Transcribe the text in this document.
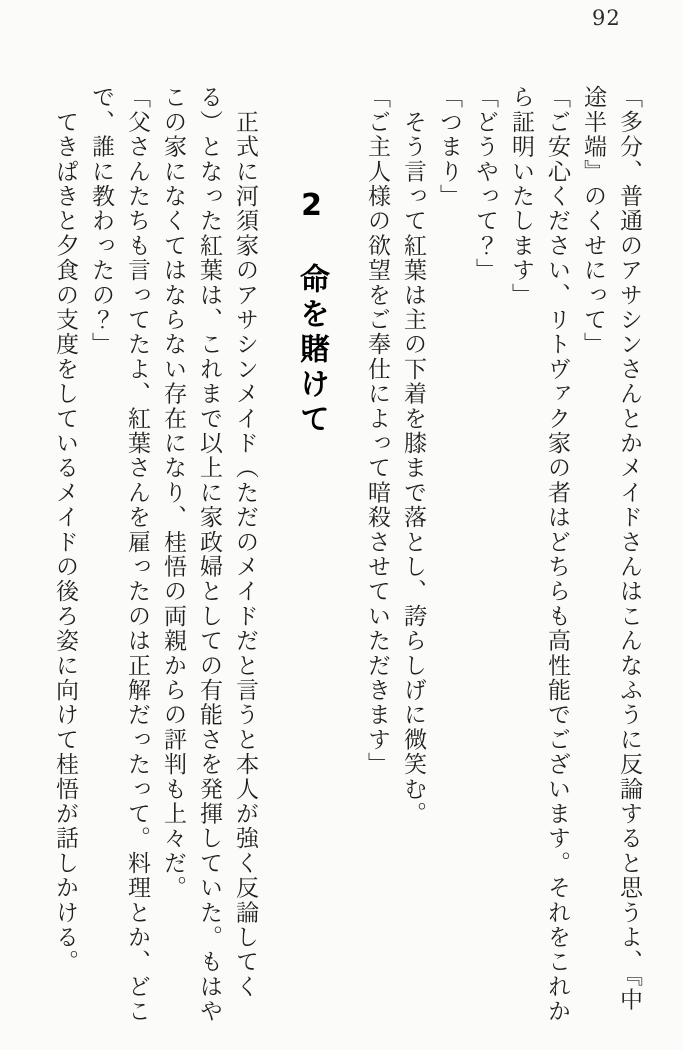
92

「多分、普通のアサシンさんとかメイドさんはこんなふうに反論すると思うよ、『中

途半端』のくせにって」

「ご安心ください、リトヴァク家の者はどちらも高性能でございます。それをこれか

ら証明いたします」

「どうやって？」

「つまり」

　そう言って紅葉は主の下着を膝まで落とし、誇らしげに微笑む。

「ご主人様の欲望をご奉仕によって暗殺させていただきます」

2　命を賭けて

　正式に河須家のアサシンメイド（ただのメイドだと言うと本人が強く反論してく

る）となった紅葉は、これまで以上に家政婦としての有能さを発揮していた。もはや

この家になくてはならない存在になり、桂悟の両親からの評判も上々だ。

「父さんたちも言ってたよ、紅葉さんを雇ったのは正解だったって。料理とか、どこ

で、誰に教わったの？」

　てきぱきと夕食の支度をしているメイドの後ろ姿に向けて桂悟が話しかける。
